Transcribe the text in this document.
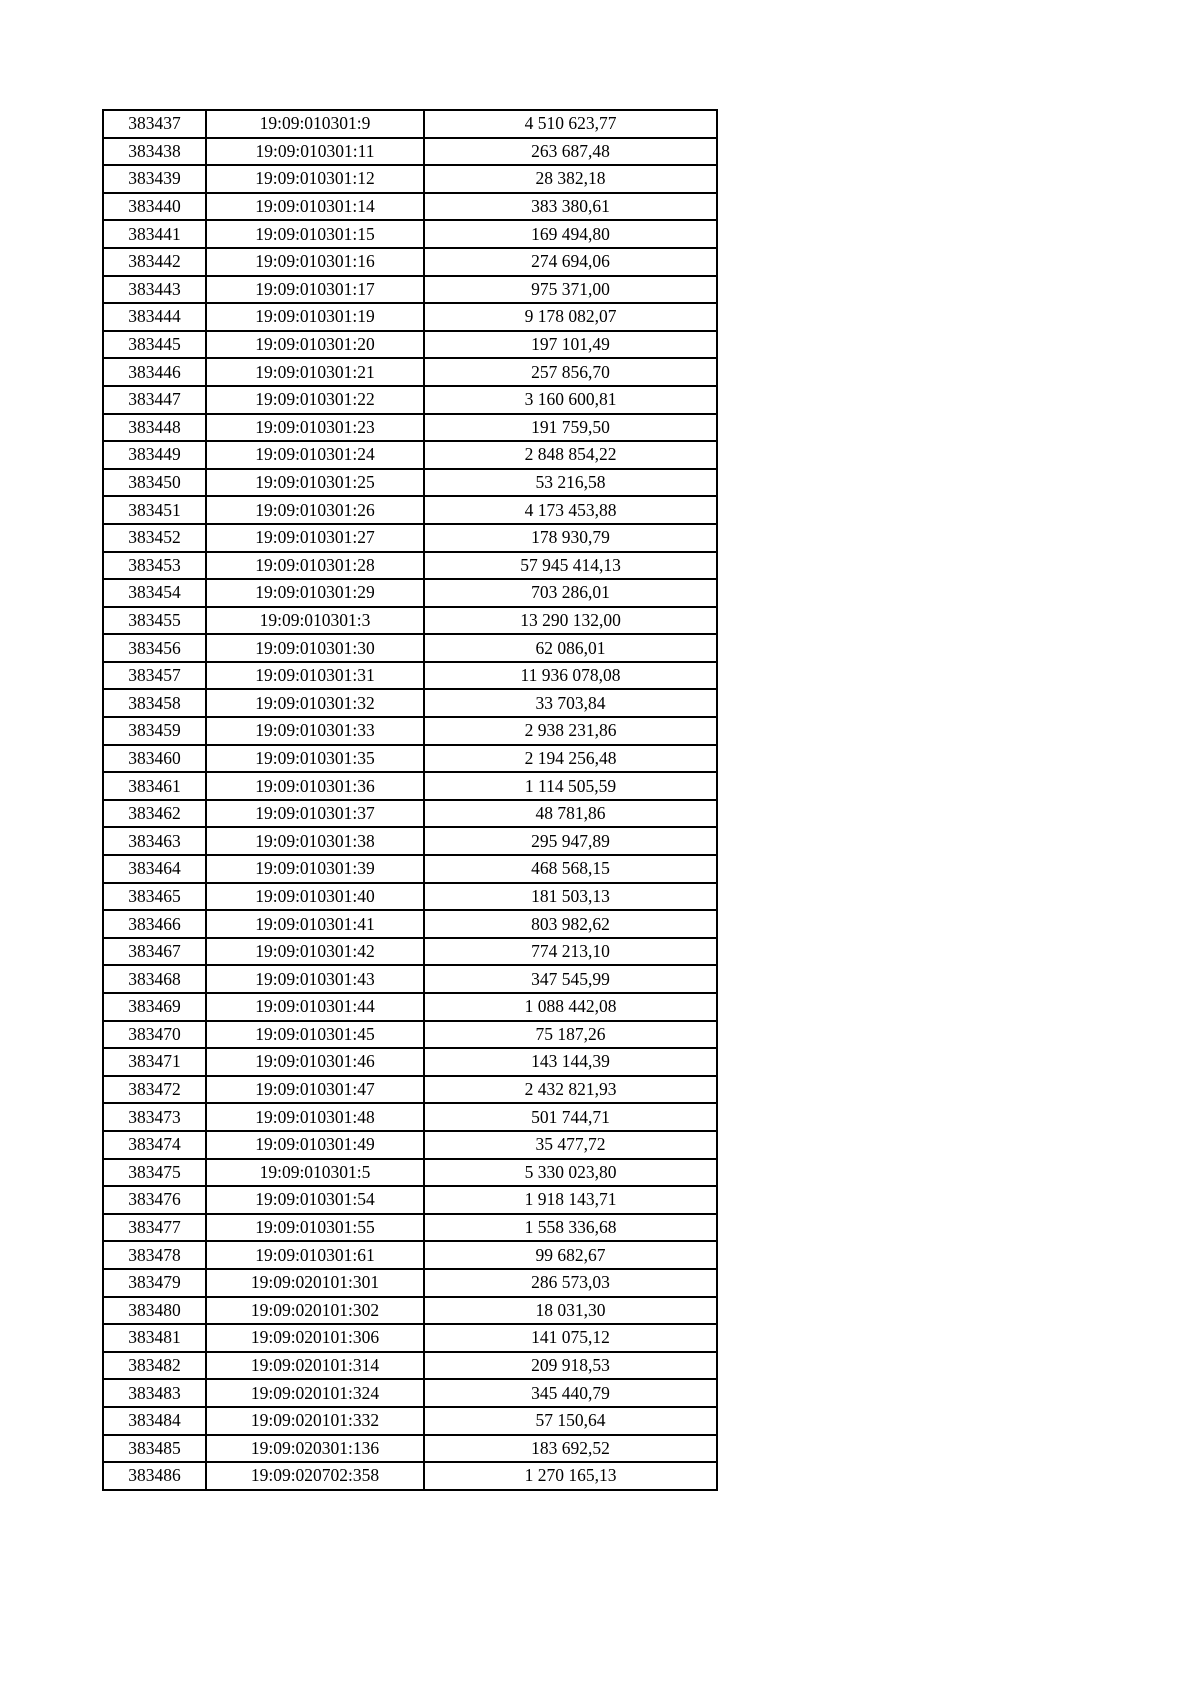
383437	19:09:010301:9	4 510 623,77
383438	19:09:010301:11	263 687,48
383439	19:09:010301:12	28 382,18
383440	19:09:010301:14	383 380,61
383441	19:09:010301:15	169 494,80
383442	19:09:010301:16	274 694,06
383443	19:09:010301:17	975 371,00
383444	19:09:010301:19	9 178 082,07
383445	19:09:010301:20	197 101,49
383446	19:09:010301:21	257 856,70
383447	19:09:010301:22	3 160 600,81
383448	19:09:010301:23	191 759,50
383449	19:09:010301:24	2 848 854,22
383450	19:09:010301:25	53 216,58
383451	19:09:010301:26	4 173 453,88
383452	19:09:010301:27	178 930,79
383453	19:09:010301:28	57 945 414,13
383454	19:09:010301:29	703 286,01
383455	19:09:010301:3	13 290 132,00
383456	19:09:010301:30	62 086,01
383457	19:09:010301:31	11 936 078,08
383458	19:09:010301:32	33 703,84
383459	19:09:010301:33	2 938 231,86
383460	19:09:010301:35	2 194 256,48
383461	19:09:010301:36	1 114 505,59
383462	19:09:010301:37	48 781,86
383463	19:09:010301:38	295 947,89
383464	19:09:010301:39	468 568,15
383465	19:09:010301:40	181 503,13
383466	19:09:010301:41	803 982,62
383467	19:09:010301:42	774 213,10
383468	19:09:010301:43	347 545,99
383469	19:09:010301:44	1 088 442,08
383470	19:09:010301:45	75 187,26
383471	19:09:010301:46	143 144,39
383472	19:09:010301:47	2 432 821,93
383473	19:09:010301:48	501 744,71
383474	19:09:010301:49	35 477,72
383475	19:09:010301:5	5 330 023,80
383476	19:09:010301:54	1 918 143,71
383477	19:09:010301:55	1 558 336,68
383478	19:09:010301:61	99 682,67
383479	19:09:020101:301	286 573,03
383480	19:09:020101:302	18 031,30
383481	19:09:020101:306	141 075,12
383482	19:09:020101:314	209 918,53
383483	19:09:020101:324	345 440,79
383484	19:09:020101:332	57 150,64
383485	19:09:020301:136	183 692,52
383486	19:09:020702:358	1 270 165,13
